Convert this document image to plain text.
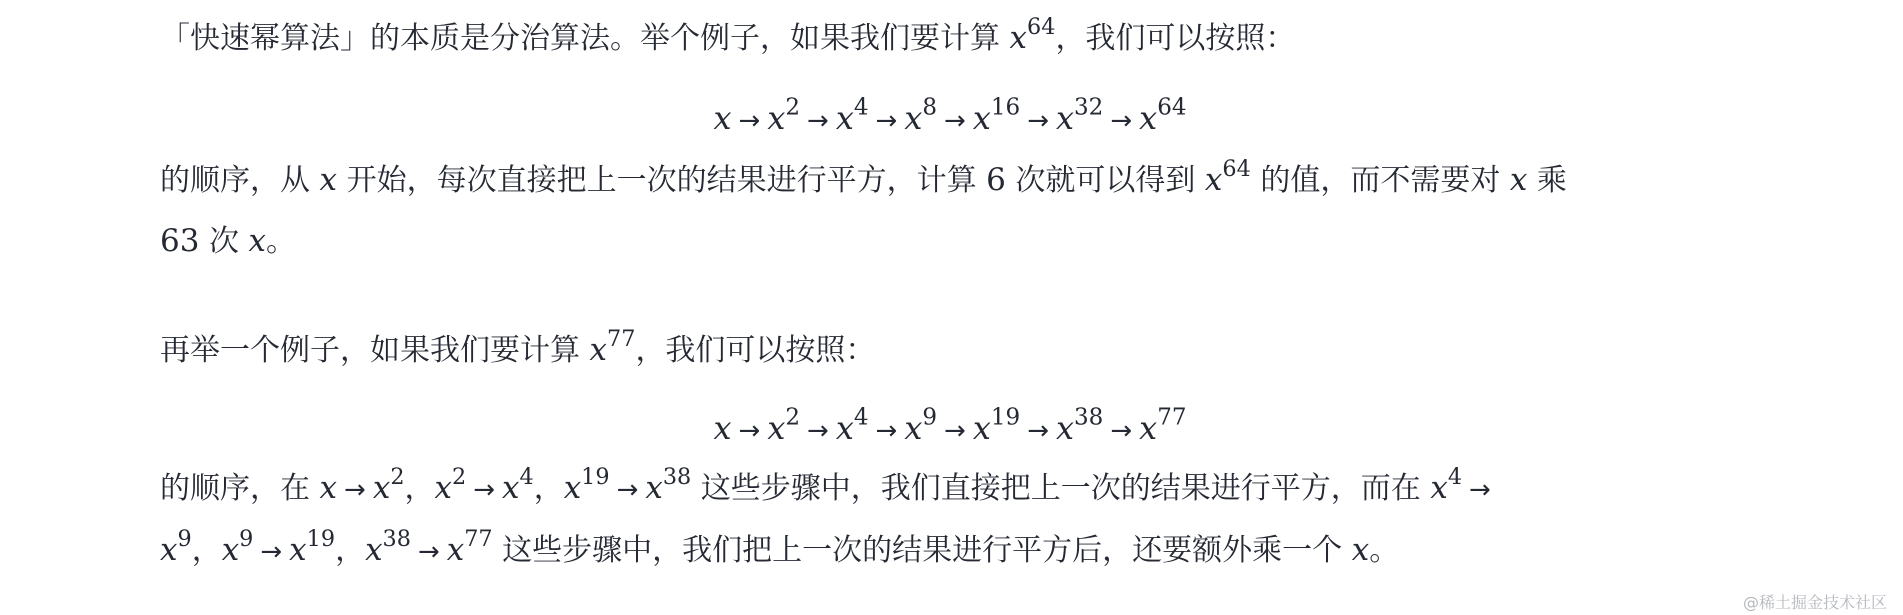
「快速幂算法」的本质是分治算法。举个例子，如果我们要计算 $x^{64}$，我们可以按照：

$x \to x^2 \to x^4 \to x^8 \to x^{16} \to x^{32} \to x^{64}$

的顺序，从 x 开始，每次直接把上一次的结果进行平方，计算 6 次就可以得到 $x^{64}$ 的值，而不需要对 x 乘

63 次 x。

再举一个例子，如果我们要计算 $x^{77}$，我们可以按照：

$x \to x^2 \to x^4 \to x^9 \to x^{19} \to x^{38} \to x^{77}$

的顺序，在 $x \to x^2$，$x^2 \to x^4$，$x^{19} \to x^{38}$ 这些步骤中，我们直接把上一次的结果进行平方，而在 $x^4$ →

$x^9$，$x^9 \to x^{19}$，$x^{38} \to x^{77}$ 这些步骤中，我们把上一次的结果进行平方后，还要额外乘一个 x。

@稀土掘金技术社区
